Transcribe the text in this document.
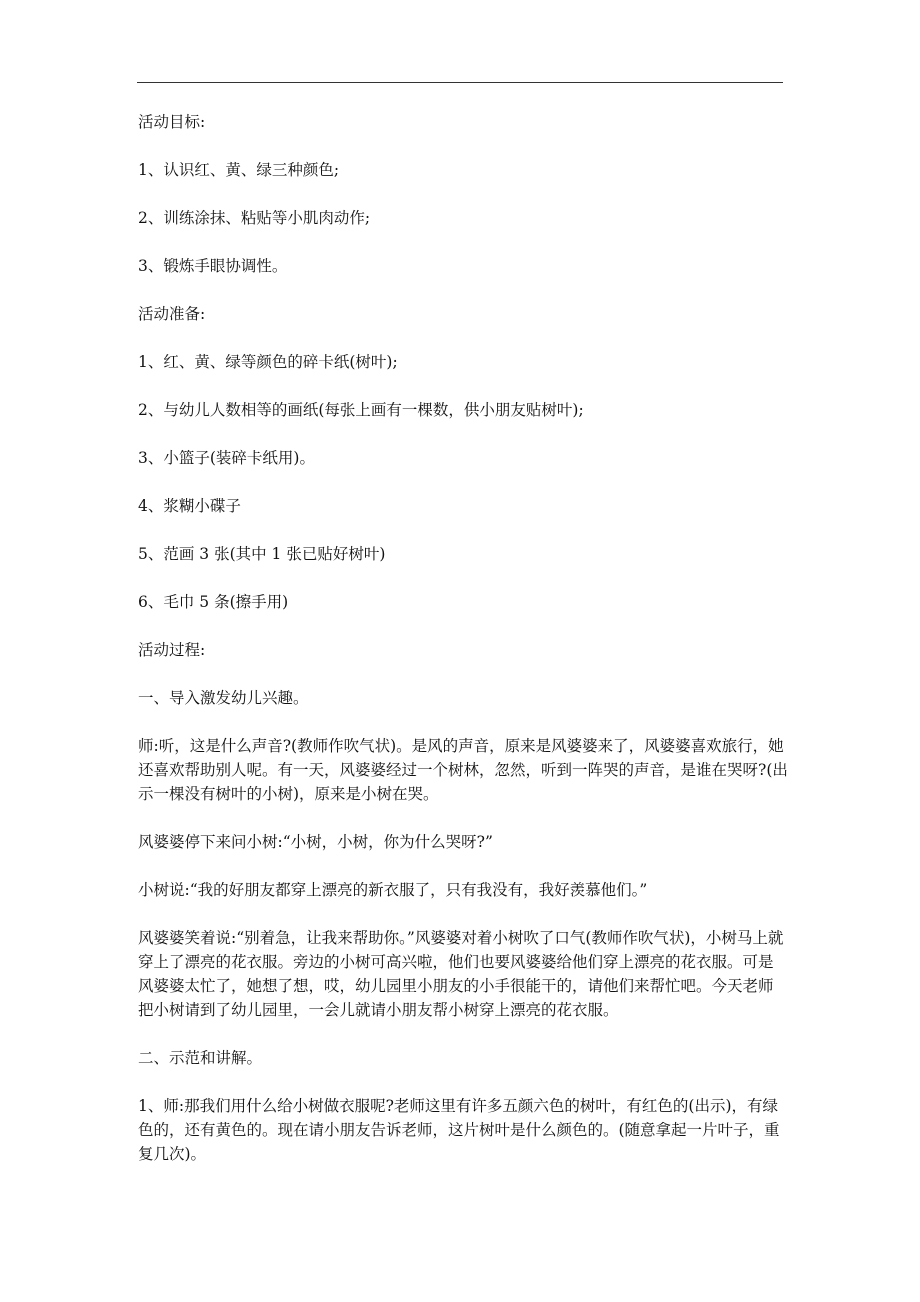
活动目标:

1、认识红、黄、绿三种颜色;

2、训练涂抹、粘贴等小肌肉动作;

3、锻炼手眼协调性。

活动准备:

1、红、黄、绿等颜色的碎卡纸(树叶);

2、与幼儿人数相等的画纸(每张上画有一棵数，供小朋友贴树叶);

3、小篮子(装碎卡纸用)。

4、浆糊小碟子

5、范画 3 张(其中 1 张已贴好树叶)

6、毛巾 5 条(擦手用)

活动过程:

一、导入激发幼儿兴趣。

师:听，这是什么声音?(教师作吹气状)。是风的声音，原来是风婆婆来了，风婆婆喜欢旅行，她还喜欢帮助别人呢。有一天，风婆婆经过一个树林，忽然，听到一阵哭的声音，是谁在哭呀?(出示一棵没有树叶的小树)，原来是小树在哭。

风婆婆停下来问小树:“小树，小树，你为什么哭呀?”

小树说:“我的好朋友都穿上漂亮的新衣服了，只有我没有，我好羡慕他们。”

风婆婆笑着说:“别着急，让我来帮助你。”风婆婆对着小树吹了口气(教师作吹气状)，小树马上就穿上了漂亮的花衣服。旁边的小树可高兴啦，他们也要风婆婆给他们穿上漂亮的花衣服。可是风婆婆太忙了，她想了想，哎，幼儿园里小朋友的小手很能干的，请他们来帮忙吧。今天老师把小树请到了幼儿园里，一会儿就请小朋友帮小树穿上漂亮的花衣服。

二、示范和讲解。

1、师:那我们用什么给小树做衣服呢?老师这里有许多五颜六色的树叶，有红色的(出示)，有绿色的，还有黄色的。现在请小朋友告诉老师，这片树叶是什么颜色的。(随意拿起一片叶子，重复几次)。
